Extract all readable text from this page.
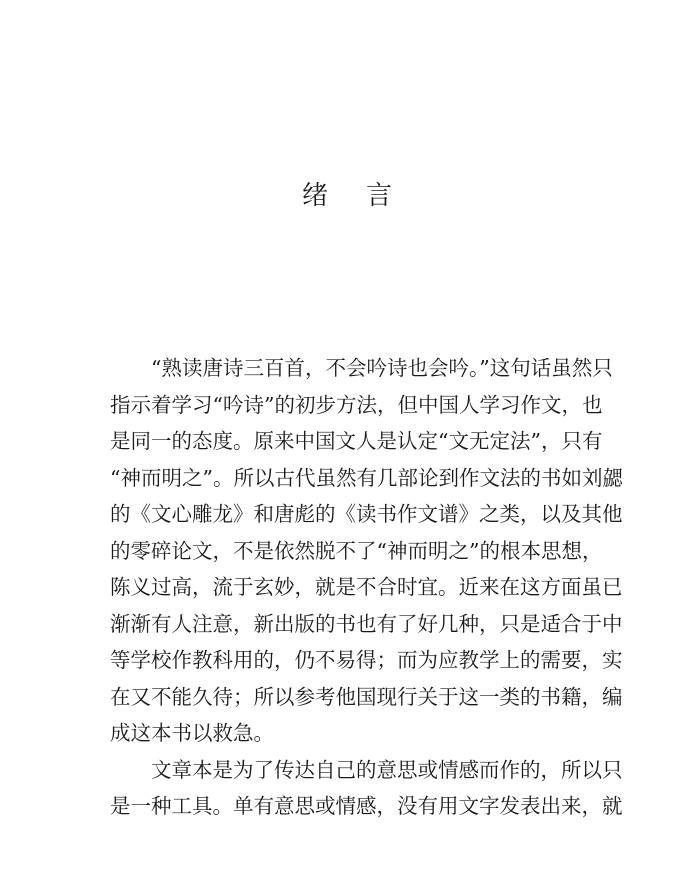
绪 言

“熟读唐诗三百首，不会吟诗也会吟。”这句话虽然只
指示着学习“吟诗”的初步方法，但中国人学习作文，也
是同一的态度。原来中国文人是认定“文无定法”，只有
“神而明之”。所以古代虽然有几部论到作文法的书如刘勰
的《文心雕龙》和唐彪的《读书作文谱》之类，以及其他
的零碎论文，不是依然脱不了“神而明之”的根本思想，
陈义过高，流于玄妙，就是不合时宜。近来在这方面虽已
渐渐有人注意，新出版的书也有了好几种，只是适合于中
等学校作教科用的，仍不易得；而为应教学上的需要，实
在又不能久待；所以参考他国现行关于这一类的书籍，编
成这本书以救急。

文章本是为了传达自己的意思或情感而作的，所以只
是一种工具。单有意思或情感，没有用文字发表出来，就
